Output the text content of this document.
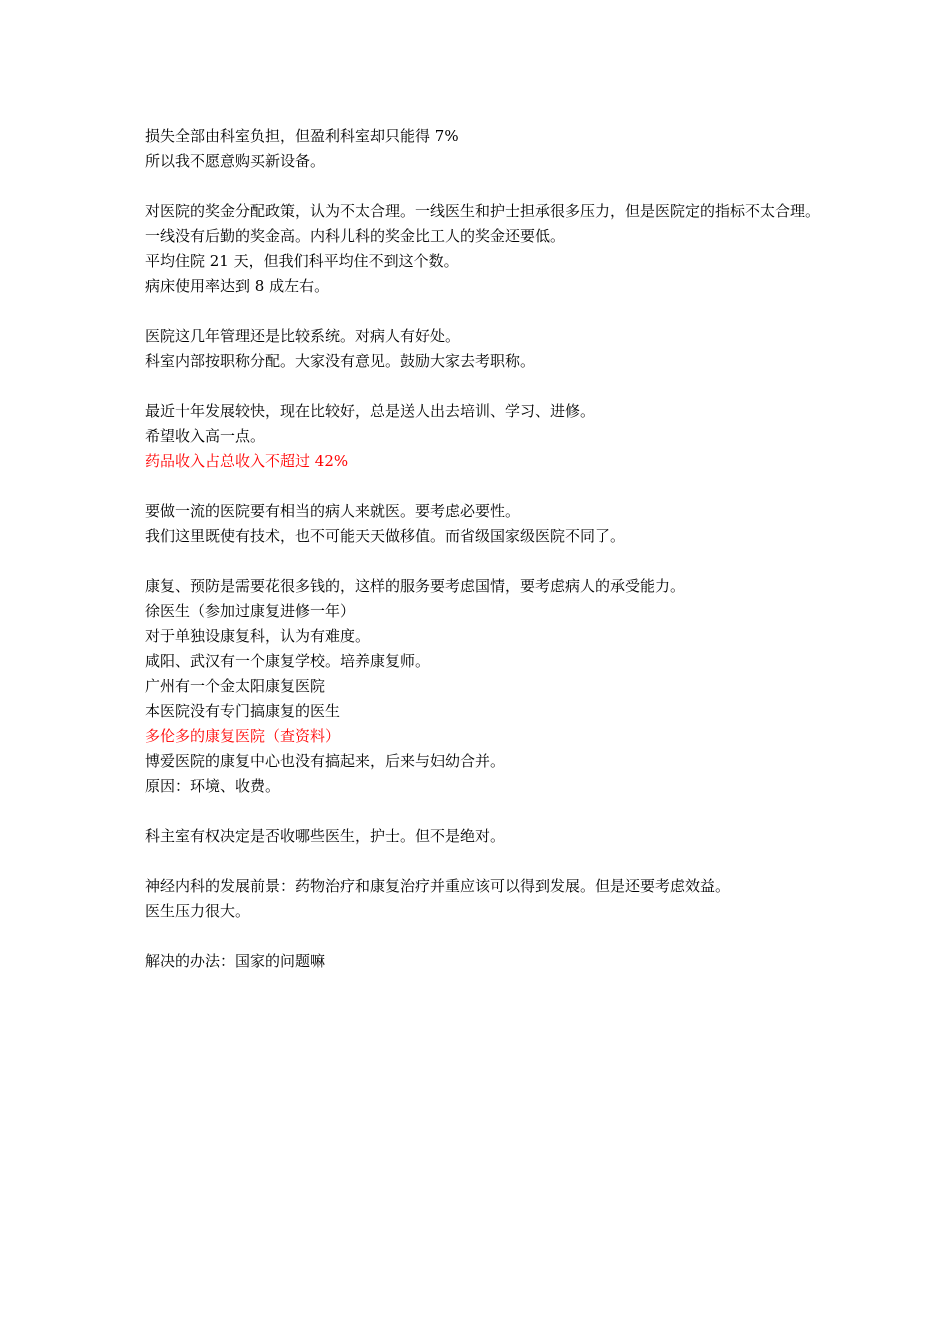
损失全部由科室负担，但盈利科室却只能得 7%
所以我不愿意购买新设备。
对医院的奖金分配政策，认为不太合理。一线医生和护士担承很多压力，但是医院定的指标不太合理。
一线没有后勤的奖金高。内科儿科的奖金比工人的奖金还要低。
平均住院 21 天，但我们科平均住不到这个数。
病床使用率达到 8 成左右。
医院这几年管理还是比较系统。对病人有好处。
科室内部按职称分配。大家没有意见。鼓励大家去考职称。
最近十年发展较快，现在比较好，总是送人出去培训、学习、进修。
希望收入高一点。
药品收入占总收入不超过 42%
要做一流的医院要有相当的病人来就医。要考虑必要性。
我们这里既使有技术，也不可能天天做移值。而省级国家级医院不同了。
康复、预防是需要花很多钱的，这样的服务要考虑国情，要考虑病人的承受能力。
徐医生（参加过康复进修一年）
对于单独设康复科，认为有难度。
咸阳、武汉有一个康复学校。培养康复师。
广州有一个金太阳康复医院
本医院没有专门搞康复的医生
多伦多的康复医院（查资料）
博爱医院的康复中心也没有搞起来，后来与妇幼合并。
原因：环境、收费。
科主室有权决定是否收哪些医生，护士。但不是绝对。
神经内科的发展前景：药物治疗和康复治疗并重应该可以得到发展。但是还要考虑效益。
医生压力很大。
解决的办法：国家的问题嘛
